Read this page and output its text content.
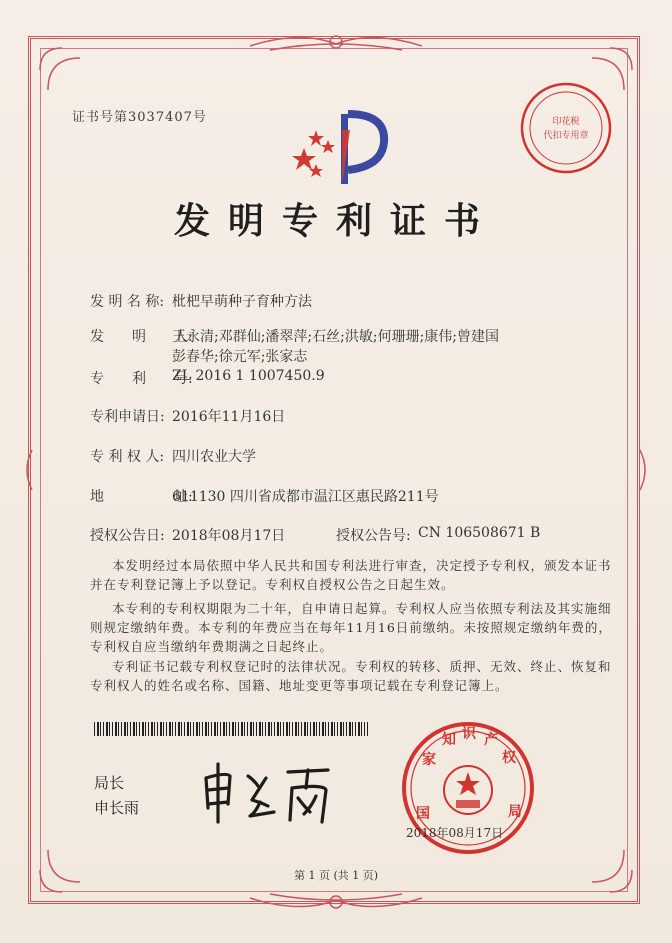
证书号第3037407号	印花税
代扣专用章
发明专利证书
发 明 名 称: 枇杷早萌种子育种方法
发　　明　　人:
王永清;邓群仙;潘翠萍;石丝;洪敏;何珊珊;康伟;曾建国
彭春华;徐元军;张家志
专　　利　　号:
ZL 2016 1 1007450.9
专利申请日: 2016年11月16日
专 利 权 人: 四川农业大学
地　　　　　址:
611130 四川省成都市温江区惠民路211号
授权公告日: 2018年08月17日	授权公告号: CN 106508671 B
本发明经过本局依照中华人民共和国专利法进行审查，决定授予专利权，颁发本证书
并在专利登记簿上予以登记。专利权自授权公告之日起生效。
本专利的专利权期限为二十年，自申请日起算。专利权人应当依照专利法及其实施细
则规定缴纳年费。本专利的年费应当在每年11月16日前缴纳。未按照规定缴纳年费的，
专利权自应当缴纳年费期满之日起终止。
专利证书记载专利权登记时的法律状况。专利权的转移、质押、无效、终止、恢复和
专利权人的姓名或名称、国籍、地址变更等事项记载在专利登记簿上。
局长
申长雨	国 家 知 识 产 权 局
2018年08月17日
第 1 页 (共 1 页)
